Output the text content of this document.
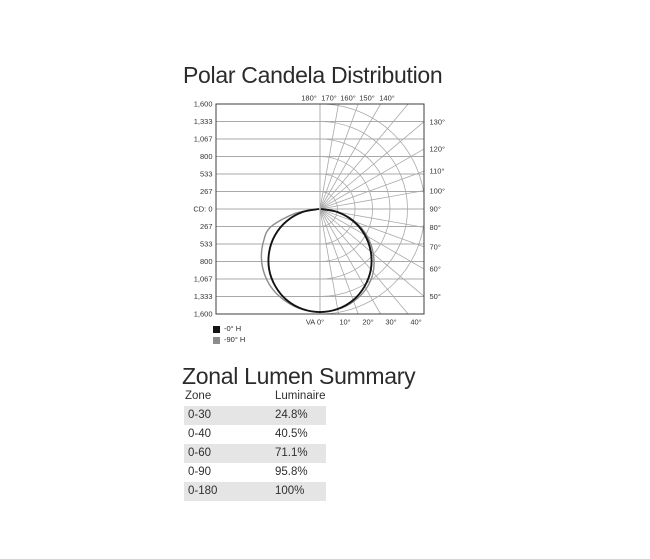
Polar Candela Distribution
1,600
1,333
1,067
800
533
267
CD: 0
267
533
800
1,067
1,333
1,600
180° 170° 160° 150° 140°
130°
120°
110°
100°
90°
80°
70°
60°
50°
VA 0° 10° 20° 30° 40°
-0° H
-90° H
Zonal Lumen Summary
Zone	Luminaire
0-30	24.8%
0-40	40.5%
0-60	71.1%
0-90	95.8%
0-180	100%
